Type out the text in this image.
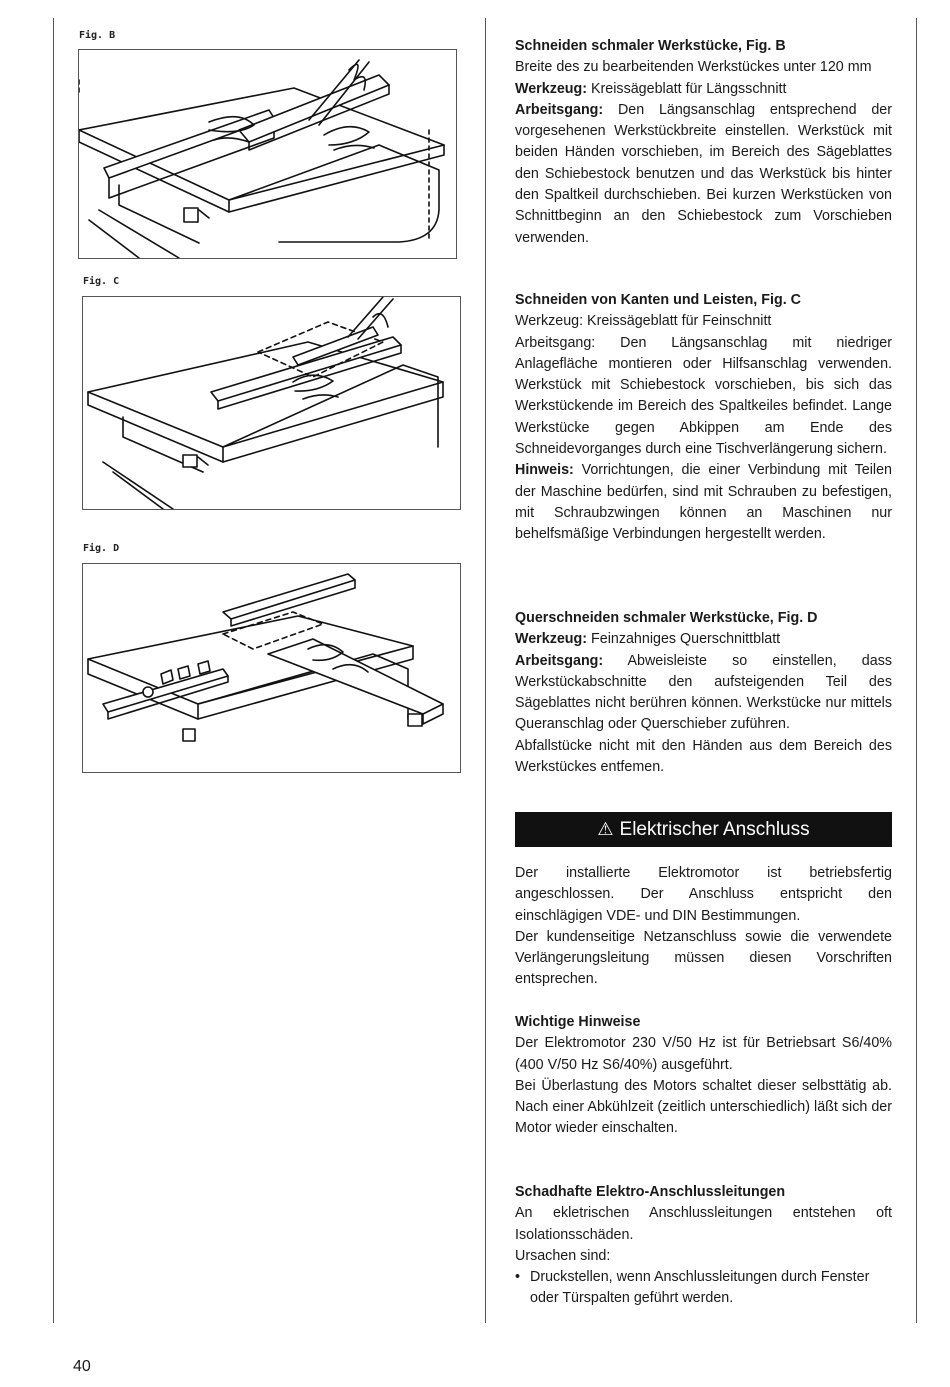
Fig. B
Fig. C
Fig. D

Schneiden schmaler Werkstücke, Fig. B

Breite des zu bearbeitenden Werkstückes unter 120 mm

Werkzeug: Kreissägeblatt für Längsschnitt

Arbeitsgang: Den Längsanschlag entsprechend der vorgesehenen Werkstückbreite einstellen. Werkstück mit beiden Händen vorschieben, im Bereich des Sägeblattes den Schiebestock benutzen und das Werkstück bis hinter den Spaltkeil durchschieben. Bei kurzen Werkstücken von Schnittbeginn an den Schiebestock zum Vorschieben verwenden.

Schneiden von Kanten und Leisten, Fig. C

Werkzeug: Kreissägeblatt für Feinschnitt

Arbeitsgang: Den Längsanschlag mit niedriger Anlagefläche montieren oder Hilfsanschlag verwenden. Werkstück mit Schiebestock vorschieben, bis sich das Werkstückende im Bereich des Spaltkeiles befindet. Lange Werkstücke gegen Abkippen am Ende des Schneidevorganges durch eine Tischverlängerung sichern.

Hinweis: Vorrichtungen, die einer Verbindung mit Teilen der Maschine bedürfen, sind mit Schrauben zu befestigen, mit Schraubzwingen können an Maschinen nur behelfsmäßige Verbindungen hergestellt werden.

Querschneiden schmaler Werkstücke, Fig. D

Werkzeug: Feinzahniges Querschnittblatt

Arbeitsgang: Abweisleiste so einstellen, dass Werkstückabschnitte den aufsteigenden Teil des Sägeblattes nicht berühren können. Werkstücke nur mittels Queranschlag oder Querschieber zuführen.

Abfallstücke nicht mit den Händen aus dem Bereich des Werkstückes entfemen.

⚠ Elektrischer Anschluss

Der installierte Elektromotor ist betriebsfertig angeschlossen. Der Anschluss entspricht den einschlägigen VDE- und DIN Bestimmungen.

Der kundenseitige Netzanschluss sowie die verwendete Verlängerungsleitung müssen diesen Vorschriften entsprechen.

Wichtige Hinweise

Der Elektromotor 230 V/50 Hz ist für Betriebsart S6/40% (400 V/50 Hz S6/40%) ausgeführt.

Bei Überlastung des Motors schaltet dieser selbsttätig ab. Nach einer Abkühlzeit (zeitlich unterschiedlich) läßt sich der Motor wieder einschalten.

Schadhafte Elektro-Anschlussleitungen

An ekletrischen Anschlussleitungen entstehen oft Isolationsschäden.

Ursachen sind:

• Druckstellen, wenn Anschlussleitungen durch Fenster oder Türspalten geführt werden.
40
